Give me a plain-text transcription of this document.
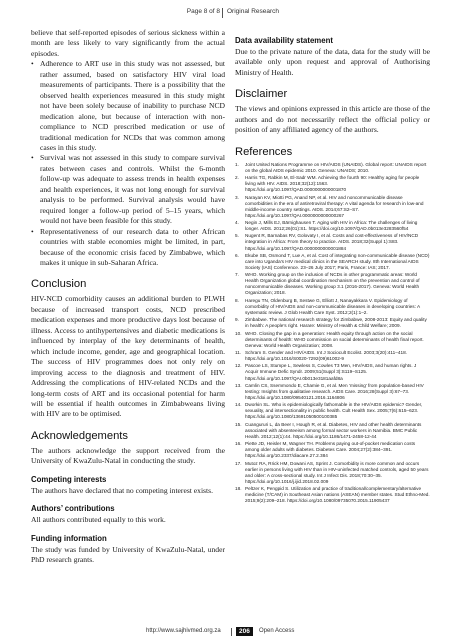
Page 8 of 8 Original Research

believe that self-reported episodes of serious sickness within a month are less likely to vary significantly from the actual episodes.

• Adherence to ART use in this study was not assessed, but rather assumed, based on satisfactory HIV viral load measurements of participants. There is a possibility that the observed health experiences measured in this study might not have been solely because of inability to purchase NCD medication alone, but because of interaction with non-compliance to NCD prescribed medication or use of traditional medication for NCDs that was common among cases in this study.
• Survival was not assessed in this study to compare survival rates between cases and controls. Whilst the 6-month follow-up was adequate to assess trends in health expenses and health experiences, it was not long enough for survival analysis to be performed. Survival analysis would have required longer a follow-up period of 5–15 years, which would not have been feasible for this study.
• Representativeness of our research data to other African countries with stable economies might be limited, in part, because of the economic crisis faced by Zimbabwe, which makes it unique in sub-Saharan Africa.
Conclusion

HIV-NCD comorbidity causes an additional burden to PLWH because of increased transport costs, NCD prescribed medication expenses and more productive days lost because of illness. Access to antihypertensives and diabetic medications is influenced by interplay of the key determinants of health, which include income, gender, age and geographical location. The success of HIV programmes does not only rely on improving access to the diagnosis and treatment of HIV. Addressing the complications of HIV-related NCDs and the long-term costs of ART and its occasional potential for harm will be essential if health outcomes in Zimbabweans living with HIV are to be optimised.

Acknowledgements

The authors acknowledge the support received from the University of KwaZulu-Natal in conducting the study.

Competing interests

The authors have declared that no competing interest exists.

Authors’ contributions

All authors contributed equally to this work.

Funding information

The study was funded by University of KwaZulu-Natal, under PhD research grants.

Data availability statement

Due to the private nature of the data, data for the study will be available only upon request and approval of Authorising Ministry of Health.

Disclaimer

The views and opinions expressed in this article are those of the authors and do not necessarily reflect the official policy or position of any affiliated agency of the authors.

References
1. Joint United Nations Programme on HIV/AIDS (UNAIDS). Global report: UNAIDS report on the global AIDS epidemic 2010. Geneva: UNAIDS; 2010.
2. Harris TG, Rabkin M, El-Sadr WM. Achieving the fourth 90: Healthy aging for people living with HIV. AIDS. 2018;32(12):1563. https://doi.org/10.1097/QAD.0000000000001870
3. Narayan KV, Miotti PG, Anand NP, et al. HIV and noncommunicable disease comorbidities in the era of antiretroviral therapy: A vital agenda for research in low-and middle-income country settings. AIDS. 2014;67:S2–S7. https://doi.org/10.1097/QAI.0000000000000267
4. Negin J, Mills EJ, Bärnighausen T. Aging with HIV in Africa: The challenges of living longer. AIDS. 2012;26(01):S1. https://doi.org/10.1097/QAD.0b013e3283560f54
5. Nugent R, Barnabas RV, Golovaty I, et al. Costs and cost-effectiveness of HIV/NCD integration in Africa: From theory to practice. AIDS. 2018;32(Suppl 1):S83. https://doi.org/10.1097/QAD.0000000000001884
6. Ekube SB, Osmond T, Lue A, et al. Cost of integrating non-communicable disease (NCD) care into Uganda’s HIV medical clinics in the SEARCH study. 8th International AIDS Society (IAS) Conference. 23–26 July 2017; Paris, France: IAS; 2017.
7. WHO. Working group on the inclusion of NCDs in other programmatic areas: World Health Organization global coordination mechanism on the prevention and control of noncommunicable diseases. Working group 3.1 (2016-2017). Geneva: World Health Organization; 2018.
8. Haregu TN, Oldenburg B, Sestwe G, Elliott J, Nanayakkara V. Epidemiology of comorbidity of HIV/AIDS and non-communicable diseases in developing countries: A systematic review. J Glob Health Care Syst. 2012;2(1):1–2.
9. Zimbabwe. The national research strategy for Zimbabwe, 2008-2013: Equity and quality in health: A people’s right. Harare: Ministry of Health & Child Welfare; 2009.
10. WHO. Closing the gap in a generation: Health equity through action on the social determinants of health: WHO commission on social determinants of health final report. Geneva: World Health Organization; 2008.
11. Schram S. Gender and HIV/AIDS. Int J Sociocult Ecolist. 2003;3(20):411–418. https://doi.org/10.1016/S0020-7292(09)61002-9
12. Pascoe LS, Stumpe L, Sewless S, Cowles T3 Men, HIV/AIDS, and human rights. J Acquir Immune Defic Syndr. 2009;51(Suppl 3):S119–S125. https://doi.org/10.1097/QAI.0b013e3181aafd8a
13. Camlin CS, Ssemmondo E, Chamie G, et al. Men ‘missing’ from population-based HIV testing: Insights from qualitative research. AIDS Care. 2016;28(Suppl 3):67–73. https://doi.org/10.1080/09540121.2016.1164806
14. Dworkin SL. Who is epidemiologically fathomable in the HIV/AIDS epidemic? Gender, sexuality, and intersectionality in public health. Cult Health Sex. 2005;7(6):615–623. https://doi.org/10.1080/13691050500100385
15. Cuangururi L, da Beer I, Hough R, et al. Diabetes, HIV and other health determinants associated with absenteeism among formal sector workers in Namibia. BMC Public Health. 2012;12(1):44. https://doi.org/10.1186/1471-2458-12-44
16. Piette JD, Heisler M, Wagner TH. Problems paying out-of-pocket medication costs among older adults with diabetes. Diabetes Care. 2004;27(2):384–391. https://doi.org/10.2337/diacare.27.2.384
17. Mutoz RA, Rrick HM, Dowani AS, Sprint J. Comorbidity is more common and occurs earlier in persons living with HIV than in HIV-uninfected matched controls, aged 50 years and older: A cross-sectional study. Int J Infect Dis. 2018;70:30–35. https://doi.org/10.1016/j.ijid.2018.02.009
18. Peltzer K, Pengpid S. Utilization and practice of traditional/complementary/alternative medicine (T/CAM) in Southeast Asian nations (ASEAN) member states. Stud Ethno-Med. 2015;9(2):209–218. https://doi.org/10.1080/09735070.2015.11905437
http://www.sajhivmed.org.za	206	Open Access
